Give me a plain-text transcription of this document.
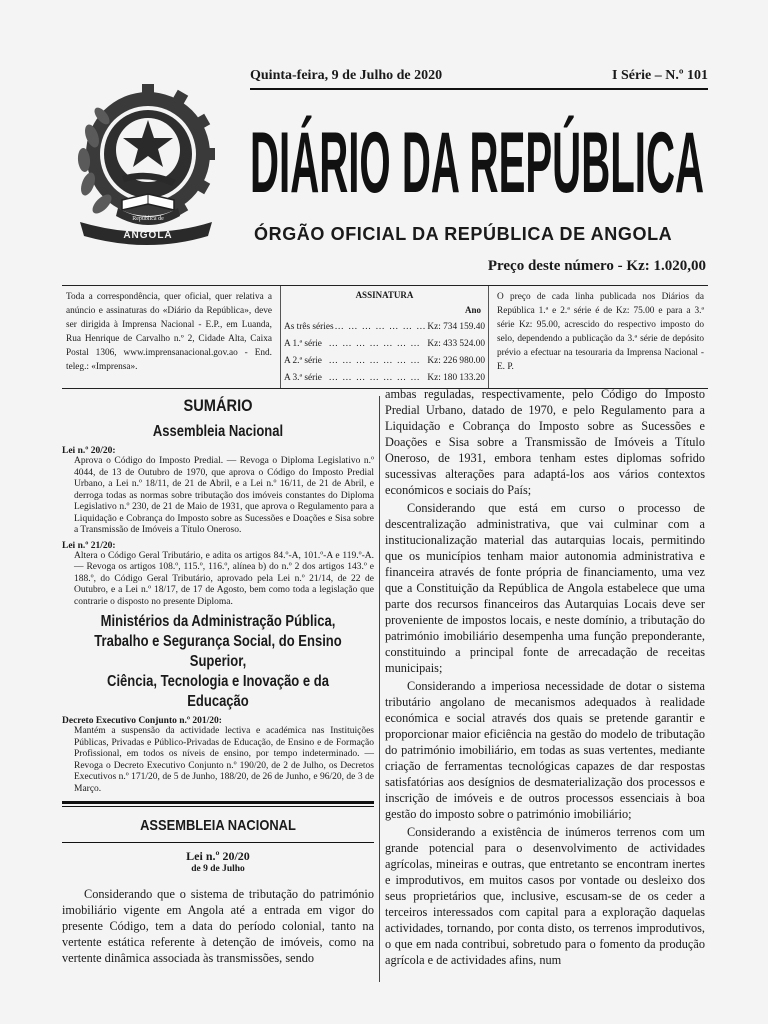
República de
ANGOLA
Quinta-feira, 9 de Julho de 2020	I Série – N.º 101
DIÁRIO DA REPÚBLICA
ÓRGÃO OFICIAL DA REPÚBLICA DE ANGOLA
Preço deste número - Kz: 1.020,00
Toda a correspondência, quer oficial, quer relativa a anúncio e assinaturas do «Diário da República», deve ser dirigida à Imprensa Nacional - E.P., em Luanda, Rua Henrique de Carvalho n.º 2, Cidade Alta, Caixa Postal 1306, www.imprensanacional.gov.ao - End. teleg.: «Imprensa».
ASSINATURA
Ano
As três séries … … … … … … … Kz: 734 159.40
A 1.ª série … … … … … … … Kz: 433 524.00
A 2.ª série … … … … … … … Kz: 226 980.00
A 3.ª série … … … … … … … Kz: 180 133.20
O preço de cada linha publicada nos Diários da República 1.ª e 2.ª série é de Kz: 75.00 e para a 3.ª série Kz: 95.00, acrescido do respectivo imposto do selo, dependendo a publicação da 3.ª série de depósito prévio a efectuar na tesouraria da Imprensa Nacional - E. P.
SUMÁRIO
Assembleia Nacional
Lei n.º 20/20:
Aprova o Código do Imposto Predial. — Revoga o Diploma Legislativo n.º 4044, de 13 de Outubro de 1970, que aprova o Código do Imposto Predial Urbano, a Lei n.º 18/11, de 21 de Abril, e a Lei n.º 16/11, de 21 de Abril, e derroga todas as normas sobre tributação dos imóveis constantes do Diploma Legislativo n.º 230, de 21 de Maio de 1931, que aprova o Regulamento para a Liquidação e Cobrança do Imposto sobre as Sucessões e Doações e Sisa sobre a Transmissão de Imóveis a Título Oneroso.
Lei n.º 21/20:
Altera o Código Geral Tributário, e adita os artigos 84.º-A, 101.º-A e 119.º-A. — Revoga os artigos 108.º, 115.º, 116.º, alínea b) do n.º 2 dos artigos 143.º e 188.º, do Código Geral Tributário, aprovado pela Lei n.º 21/14, de 22 de Outubro, e a Lei n.º 18/17, de 17 de Agosto, bem como toda a legislação que contrarie o disposto no presente Diploma.
Ministérios da Administração Pública,
Trabalho e Segurança Social, do Ensino Superior,
Ciência, Tecnologia e Inovação e da Educação
Decreto Executivo Conjunto n.º 201/20:
Mantém a suspensão da actividade lectiva e académica nas Instituições Públicas, Privadas e Público-Privadas de Educação, de Ensino e de Formação Profissional, em todos os níveis de ensino, por tempo indeterminado. — Revoga o Decreto Executivo Conjunto n.º 190/20, de 2 de Julho, os Decretos Executivos n.º 171/20, de 5 de Junho, 188/20, de 26 de Junho, e 96/20, de 3 de Março.
ASSEMBLEIA NACIONAL
Lei n.º 20/20
de 9 de Julho

Considerando que o sistema de tributação do património imobiliário vigente em Angola até a entrada em vigor do presente Código, tem a data do período colonial, tanto na vertente estática referente à detenção de imóveis, como na vertente dinâmica associada às transmissões, sendo

ambas reguladas, respectivamente, pelo Código do Imposto Predial Urbano, datado de 1970, e pelo Regulamento para a Liquidação e Cobrança do Imposto sobre as Sucessões e Doações e Sisa sobre a Transmissão de Imóveis a Título Oneroso, de 1931, embora tenham estes diplomas sofrido sucessivas alterações para adaptá-los aos vários contextos económicos e sociais do País;

Considerando que está em curso o processo de descentralização administrativa, que vai culminar com a institucionalização material das autarquias locais, permitindo que os municípios tenham maior autonomia administrativa e financeira através de fonte própria de financiamento, uma vez que a Constituição da República de Angola estabelece que uma parte dos recursos financeiros das Autarquias Locais deve ser proveniente de impostos locais, e neste domínio, a tributação do património imobiliário desempenha uma função preponderante, constituindo a principal fonte de arrecadação de receitas municipais;

Considerando a imperiosa necessidade de dotar o sistema tributário angolano de mecanismos adequados à realidade económica e social através dos quais se pretende garantir e proporcionar maior eficiência na gestão do modelo de tributação do património imobiliário, em todas as suas vertentes, mediante criação de ferramentas tecnológicas capazes de dar respostas satisfatórias aos desígnios de desmaterialização dos processos e inscrição de imóveis e de outros processos essenciais à boa gestão do imposto sobre o património imobiliário;

Considerando a existência de inúmeros terrenos com um grande potencial para o desenvolvimento de actividades agrícolas, mineiras e outras, que entretanto se encontram inertes e improdutivos, em muitos casos por vontade ou desleixo dos seus proprietários que, inclusive, escusam-se de os ceder a terceiros interessados com capital para a exploração daquelas actividades, tornando, por conta disto, os terrenos improdutivos, o que em nada contribui, sobretudo para o fomento da produção agrícola e de actividades afins, num
